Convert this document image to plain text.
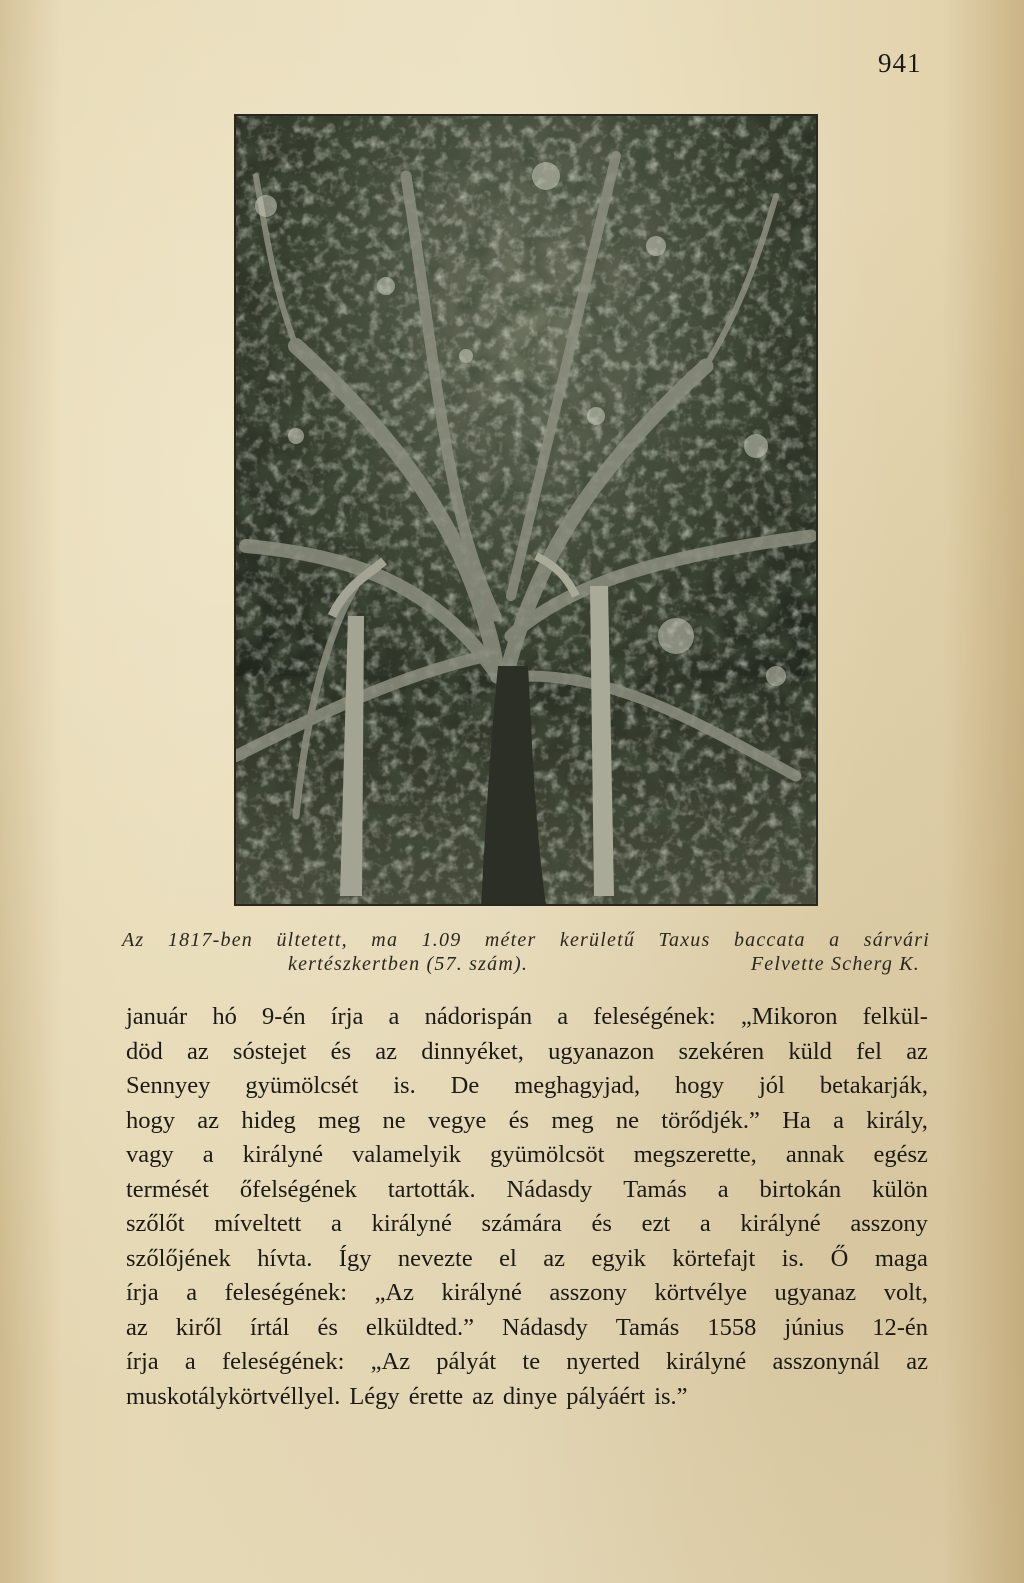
941
Az 1817-ben ültetett, ma 1.09 méter kerületű Taxus baccata a sárvári
kertészkertben (57. szám).	Felvette Scherg K.
január hó 9-én írja a nádorispán a feleségének: „Mikoron felkül-
död az sóstejet és az dinnyéket, ugyanazon szekéren küld fel az
Sennyey gyümölcsét is. De meghagyjad, hogy jól betakarják,
hogy az hideg meg ne vegye és meg ne törődjék.” Ha a király,
vagy a királyné valamelyik gyümölcsöt megszerette, annak egész
termését őfelségének tartották. Nádasdy Tamás a birtokán külön
szőlőt míveltett a királyné számára és ezt a királyné asszony
szőlőjének hívta. Így nevezte el az egyik körtefajt is. Ő maga
írja a feleségének: „Az királyné asszony körtvélye ugyanaz volt,
az kiről írtál és elküldted.” Nádasdy Tamás 1558 június 12-én
írja a feleségének: „Az pályát te nyerted királyné asszonynál az
muskotálykörtvéllyel. Légy érette az dinye pályáért is.”
